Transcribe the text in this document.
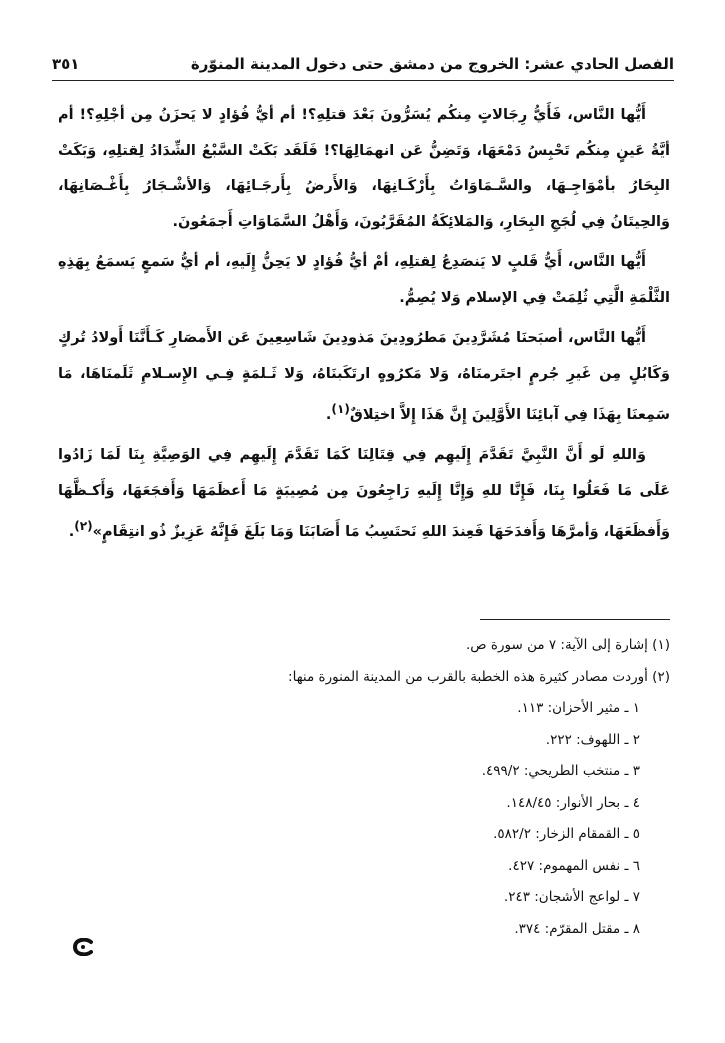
الفصل الحادي عشر: الخروج من دمشق حتى دخول المدينة المنوّرة
٣٥١

أَيُّها النَّاس، فَأَيُّ رِجَالاتٍ مِنكُم يُسَرُّونَ بَعْدَ قتلِهِ؟! أم أيُّ فُؤادٍ لا يَحزَنُ مِن أجْلِهِ؟! أم أيَّةُ عَينٍ مِنكُم تَحْبِسُ دَمْعَهَا، وَتَضِنُّ عَن انهمَالِهَا؟! فَلَقَد بَكَتْ السَّبْعُ الشِّدَادُ لِقتلِهِ، وَبَكَتْ البِحَارُ بأمْوَاجِـهَا، والسَّـمَاوَاتُ بِأَرْكَـانِهَا، وَالأَرضُ بِأَرجَـائِهَا، وَالأشْـجَارُ بِأَغْـصَانِهَا، وَالحِيتَانُ فِي لُجَجِ البِحَارِ، وَالمَلائِكَةُ المُقَرَّبُونَ، وَأَهْلُ السَّمَاوَاتِ أَجمَعُونَ.

أَيُّها النَّاس، أَيُّ قَلبٍ لا يَنصَدِعُ لِقتلِهِ، أمْ أيُّ فُؤادٍ لا يَحِنُّ إِلَيهِ، أم أيُّ سَمعٍ يَسمَعُ بِهَذِهِ الثَّلْمَةِ الَّتِي ثُلِمَتْ فِي الإسلام وَلا يُصِمُّ.

أَيُّها النَّاس، أصبَحنَا مُشَرَّدِينَ مَطرُودِينَ مَذودِينَ شَاسِعِينَ عَن الأَمصَارِ كَـأَنَّنَا أَولادُ تُركٍ وَكَابُلٍ مِن غَيرِ جُرمٍ اجتَرمنَاهُ، وَلا مَكرُوهٍ ارتَكَبنَاهُ، وَلا ثَـلمَةٍ فِـي الإِسـلامِ ثَلَمنَاهَا، مَا سَمِعنَا بِهَذَا فِي آبائِنَا الأَوَّلِينَ إِنَّ هَذَا إِلاَّ اختِلاقٌ$^{(١)}$.

وَاللهِ لَو أَنَّ النَّبِيَّ تَقَدَّمَ إِلَيهِم فِي قِتَالِنَا كَمَا تَقَدَّمَ إِلَيهِم فِي الوَصِيَّةِ بِنَا لَمَا زَادُوا عَلَى مَا فَعَلُوا بِنَا، فَإِنَّا للهِ وَإِنَّا إِلَيهِ رَاجِعُونَ مِن مُصِيبَةٍ مَا أَعظَمَهَا وَأَفجَعَهَا، وَأَكـظَّهَا وَأَفظَعَهَا، وَأمرَّهَا وَأَفدَحَهَا فَعِندَ اللهِ نَحتَسِبُ مَا أَصَابَنَا وَمَا بَلَغَ فَإِنَّهُ عَزِيزٌ ذُو انتِقَامٍ»$^{(٢)}$.

(١) إشارة إلى الآية: ٧ من سورة ص.

(٢) أوردت مصادر كثيرة هذه الخطبة بالقرب من المدينة المنورة منها:

١ ـ مثير الأحزان: ١١٣.
٢ ـ اللهوف: ٢٢٢.
٣ ـ منتخب الطريحي: ٤٩٩/٢.
٤ ـ بحار الأنوار: ١٤٨/٤٥.
٥ ـ القمقام الزخار: ٥٨٢/٢.
٦ ـ نفس المهموم: ٤٢٧.
٧ ـ لواعج الأشجان: ٢٤٣.
٨ ـ مقتل المقرّم: ٣٧٤.
